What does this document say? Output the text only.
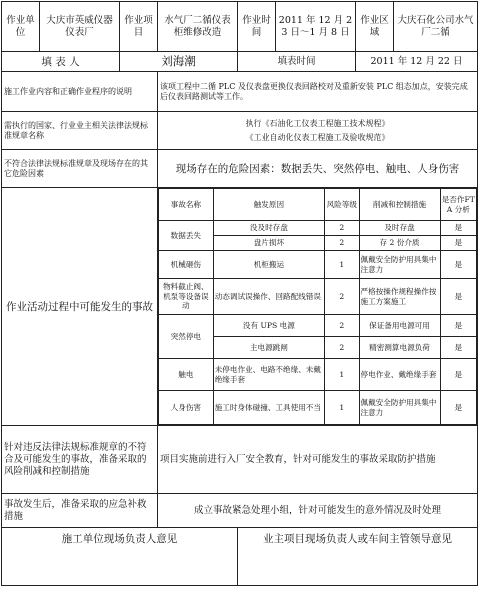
作业单位	大庆市英威仪器仪表厂	作业项目	水气厂二循仪表柜维修改造	作业时间	2011 年 12 月 23 日～1 月 8 日	作业区域	大庆石化公司水气厂二循
填 表 人	刘海潮	填表时间	2011 年 12 月 22 日
施工作业内容和正确作业程序的说明	该项工程中二循 PLC 及仪表盘更换仪表回路校对及重新安装 PLC 组态加点，安装完成后仪表回路测试等工作。
需执行的国家、行业业主相关法律法规标准规章名称	
执行《石油化工仪表工程施工技术规程》
《工业自动化仪表工程施工及验收规范》

不符合法律法规标准规章及现场存在的其它危险因素	现场存在的危险因素：数据丢失、突然停电、触电、人身伤害
作业活动过程中可能发生的事故	
事故名称	触发原因	风险等级	削减和控制措施	是否作FTA 分析
数据丢失	没及时存盘	2	及时存盘	是
盘片损坏	2	存 2 份介质	是
机械砸伤	机柜搬运	1	佩戴安全防护用具集中注意力	是
物料截止阀、机泵等设备误动	动态调试误操作、回路配线错误	2	严格按操作规程操作按施工方案施工	是
突然停电	没有 UPS 电源	2	保证备用电源可用	是
主电源跳闸	2	精密测算电源负荷	是
触电	未停电作业、电路不绝缘、未戴绝缘手套	1	停电作业、戴绝缘手套	是
人身伤害	施工时身体碰撞、工具使用不当	1	佩戴安全防护用具集中注意力	是

针对违反法律法规标准规章的不符合及可能发生的事故，准备采取的风险削减和控制措施	项目实施前进行入厂安全教育，针对可能发生的事故采取防护措施
事故发生后，准备采取的应急补救措施	成立事故紧急处理小组，针对可能发生的意外情况及时处理
施工单位现场负责人意见	业主项目现场负责人或车间主管领导意见
